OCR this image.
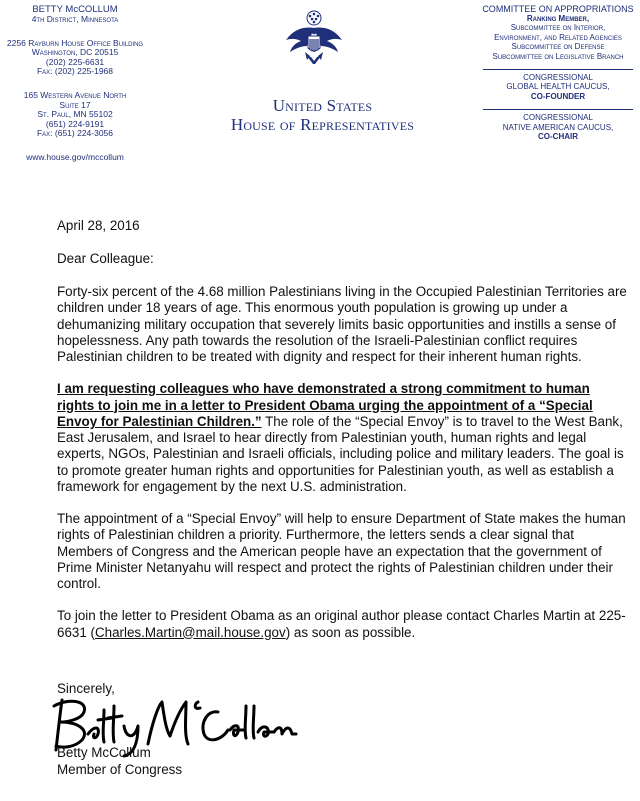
BETTY McCOLLUM
4th District, Minnesota
2256 Rayburn House Office Building
Washington, DC 20515
(202) 225-6631
Fax: (202) 225-1968
165 Western Avenue North
Suite 17
St. Paul, MN 55102
(651) 224-9191
Fax: (651) 224-3056
www.house.gov/mccollum
United States
House of Representatives
COMMITTEE ON APPROPRIATIONS
Ranking Member,
Subcommittee on Interior,
Environment, and Related Agencies
Subcommittee on Defense
Subcommittee on Legislative Branch
CONGRESSIONAL
GLOBAL HEALTH CAUCUS,
CO-FOUNDER
CONGRESSIONAL
NATIVE AMERICAN CAUCUS,
CO-CHAIR

April 28, 2016

Dear Colleague:

Forty-six percent of the 4.68 million Palestinians living in the Occupied Palestinian Territories are children under 18 years of age. This enormous youth population is growing up under a dehumanizing military occupation that severely limits basic opportunities and instills a sense of hopelessness. Any path towards the resolution of the Israeli-Palestinian conflict requires Palestinian children to be treated with dignity and respect for their inherent human rights.

I am requesting colleagues who have demonstrated a strong commitment to human rights to join me in a letter to President Obama urging the appointment of a “Special Envoy for Palestinian Children.” The role of the “Special Envoy” is to travel to the West Bank, East Jerusalem, and Israel to hear directly from Palestinian youth, human rights and legal experts, NGOs, Palestinian and Israeli officials, including police and military leaders. The goal is to promote greater human rights and opportunities for Palestinian youth, as well as establish a framework for engagement by the next U.S. administration.

The appointment of a “Special Envoy” will help to ensure Department of State makes the human rights of Palestinian children a priority. Furthermore, the letters sends a clear signal that Members of Congress and the American people have an expectation that the government of Prime Minister Netanyahu will respect and protect the rights of Palestinian children under their control.

To join the letter to President Obama as an original author please contact Charles Martin at 225-6631 (Charles.Martin@mail.house.gov) as soon as possible.

Sincerely,
Betty McCollum
Member of Congress
